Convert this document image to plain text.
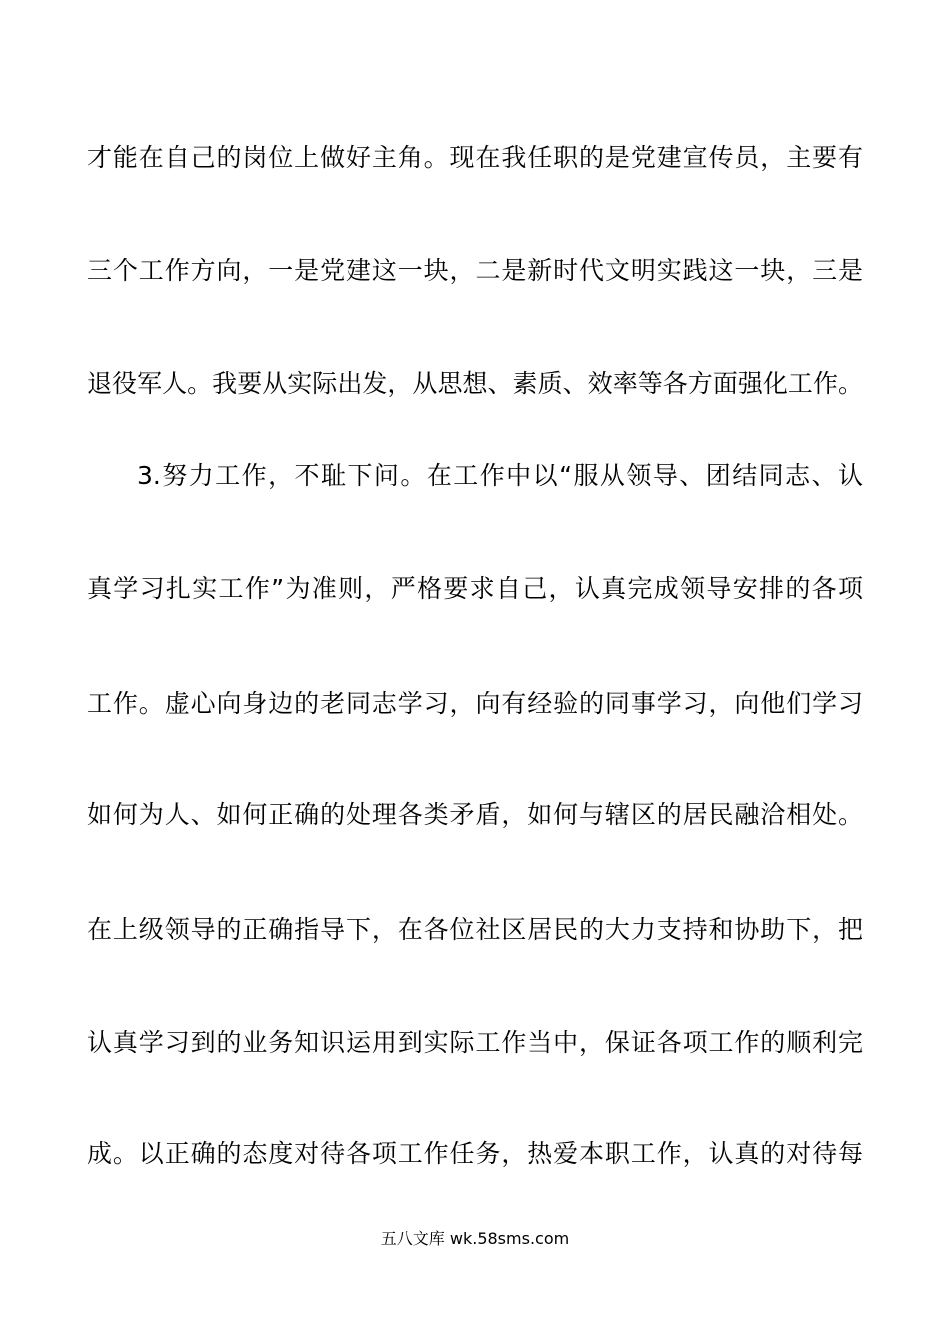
才能在自己的岗位上做好主角。现在我任职的是党建宣传员，主要有
三个工作方向，一是党建这一块，二是新时代文明实践这一块，三是
退役军人。我要从实际出发，从思想、素质、效率等各方面强化工作。
3.努力工作，不耻下问。在工作中以“服从领导、团结同志、认
真学习扎实工作”为准则，严格要求自己，认真完成领导安排的各项
工作。虚心向身边的老同志学习，向有经验的同事学习，向他们学习
如何为人、如何正确的处理各类矛盾，如何与辖区的居民融洽相处。
在上级领导的正确指导下，在各位社区居民的大力支持和协助下，把
认真学习到的业务知识运用到实际工作当中，保证各项工作的顺利完
成。以正确的态度对待各项工作任务，热爱本职工作，认真的对待每
五八文库 wk.58sms.com
